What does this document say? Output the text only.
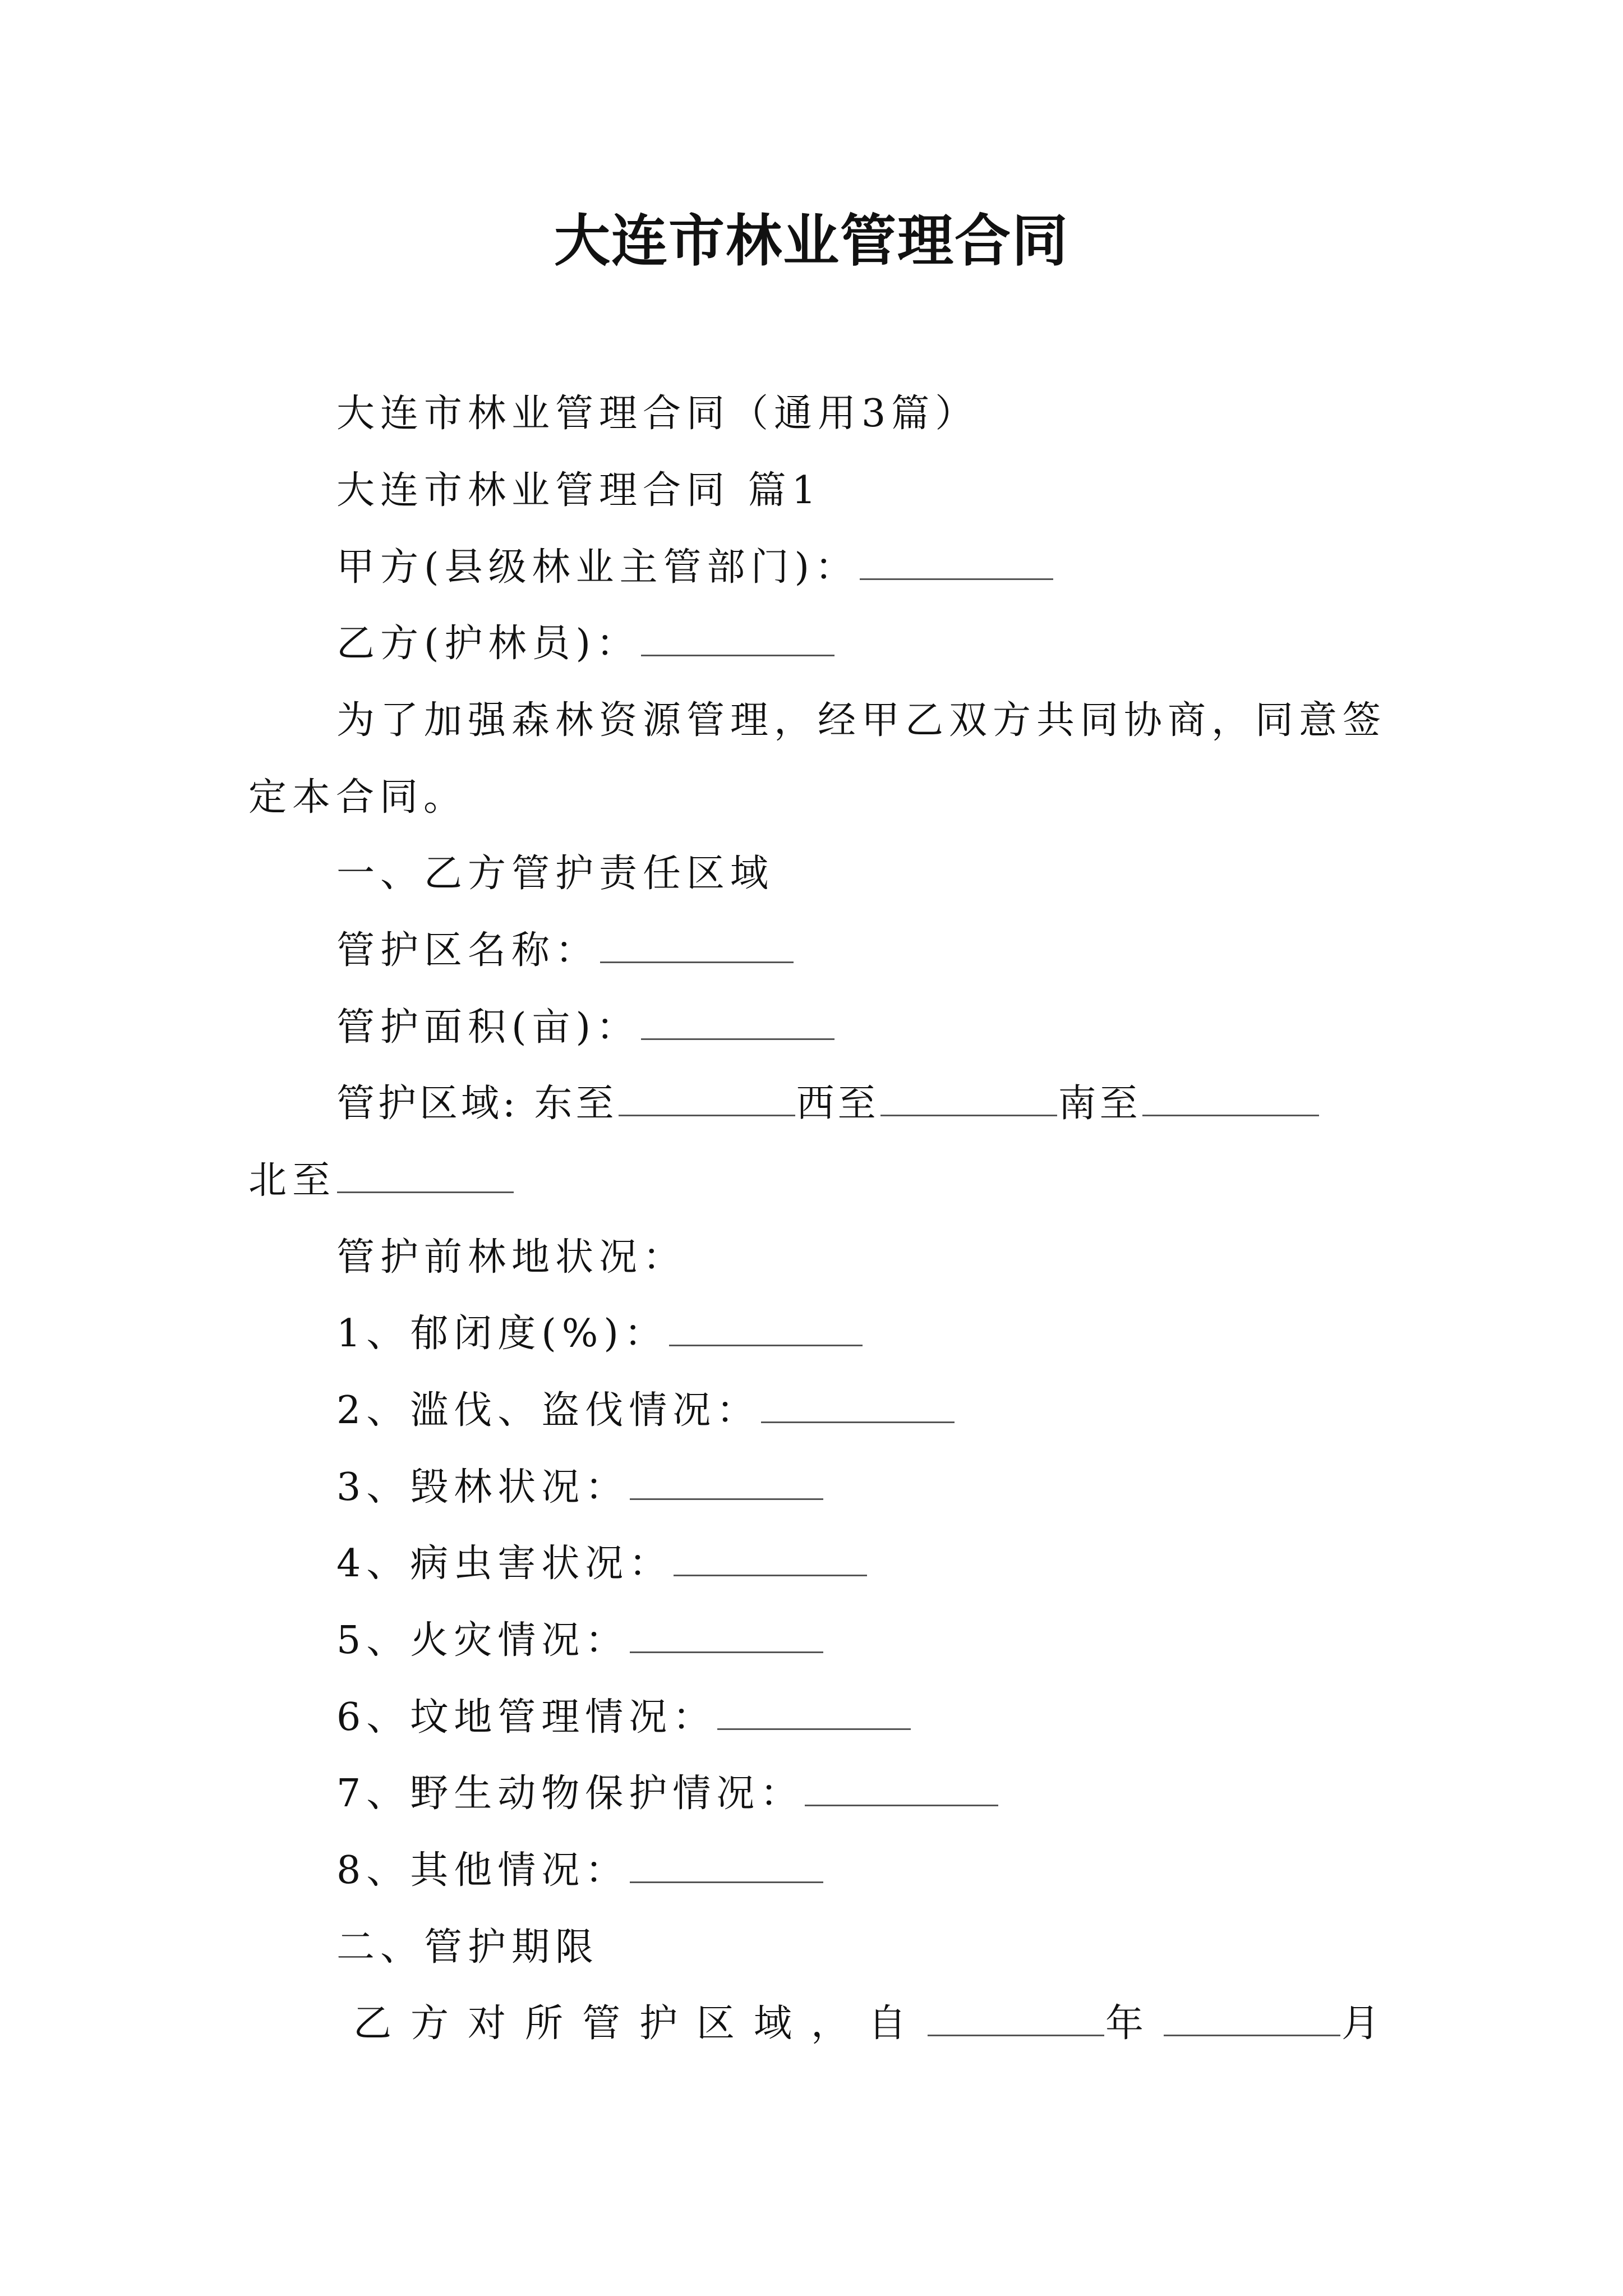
大连市林业管理合同
大连市林业管理合同（通用3篇）
大连市林业管理合同 篇1
甲方(县级林业主管部门)：
乙方(护林员)：
为了加强森林资源管理，经甲乙双方共同协商，同意签
定本合同。
一、乙方管护责任区域
管护区名称：
管护面积(亩)：
管护区域: 东至	西至	南至
北至
管护前林地状况：
1、郁闭度(%)：
2、滥伐、盗伐情况：
3、毁林状况：
4、病虫害状况：
5、火灾情况：
6、坟地管理情况：
7、野生动物保护情况：
8、其他情况：
二、管护期限
乙方对所管护区域，自	年	月
